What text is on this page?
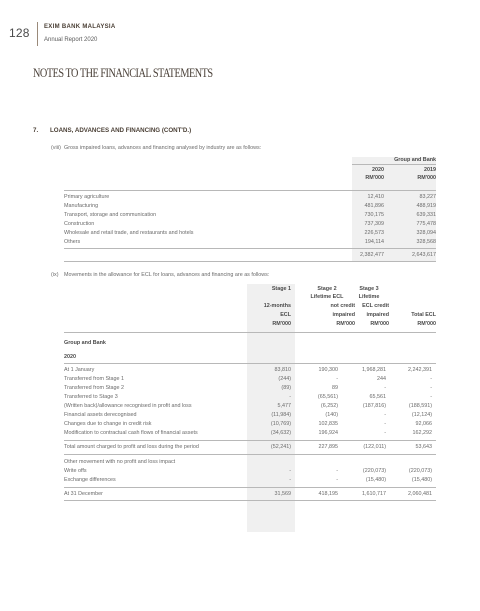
128 EXIM BANK MALAYSIA
Annual Report 2020
NOTES TO THE FINANCIAL STATEMENTS
7. LOANS, ADVANCES AND FINANCING (CONT'D.)
(viii) Gross impaired loans, advances and financing analysed by industry are as follows:
Group and Bank
2020	2019
RM'000	RM'000
Primary agriculture	12,410	83,227
Manufacturing	481,896	488,919
Transport, storage and communication	730,175	639,331
Construction	737,309	775,478
Wholesale and retail trade, and restaurants and hotels	226,573	328,094
Others	194,114	328,568
2,382,477	2,643,617
(ix) Movements in the allowance for ECL for loans, advances and financing are as follows:
Stage 1
12-months
ECL
RM'000
Stage 2
Lifetime ECL
not credit
impaired
RM'000
Stage 3
Lifetime
ECL credit
impaired
RM'000
Total ECL
RM'000
Group and Bank
2020
At 1 January	83,810	190,300	1,968,281	2,242,391
Transferred from Stage 1	(244)	-	244	-
Transferred from Stage 2	(89)	89	-	-
Transferred to Stage 3	-	(65,561)	65,561	-
(Written back)/allowance recognised in profit and loss	5,477	(6,252)	(187,816)	(188,591)
Financial assets derecognised	(11,984)	(140)	-	(12,124)
Changes due to change in credit risk	(10,769)	102,835	-	92,066
Modification to contractual cash flows of financial assets	(34,632)	196,924	-	162,292
Total amount charged to profit and loss during the period	(52,241)	227,895	(122,011)	53,643
Other movement with no profit and loss impact
Write offs	-	-	(220,073)	(220,073)
Exchange differences	-	-	(15,480)	(15,480)
At 31 December	31,569	418,195	1,610,717	2,060,481
